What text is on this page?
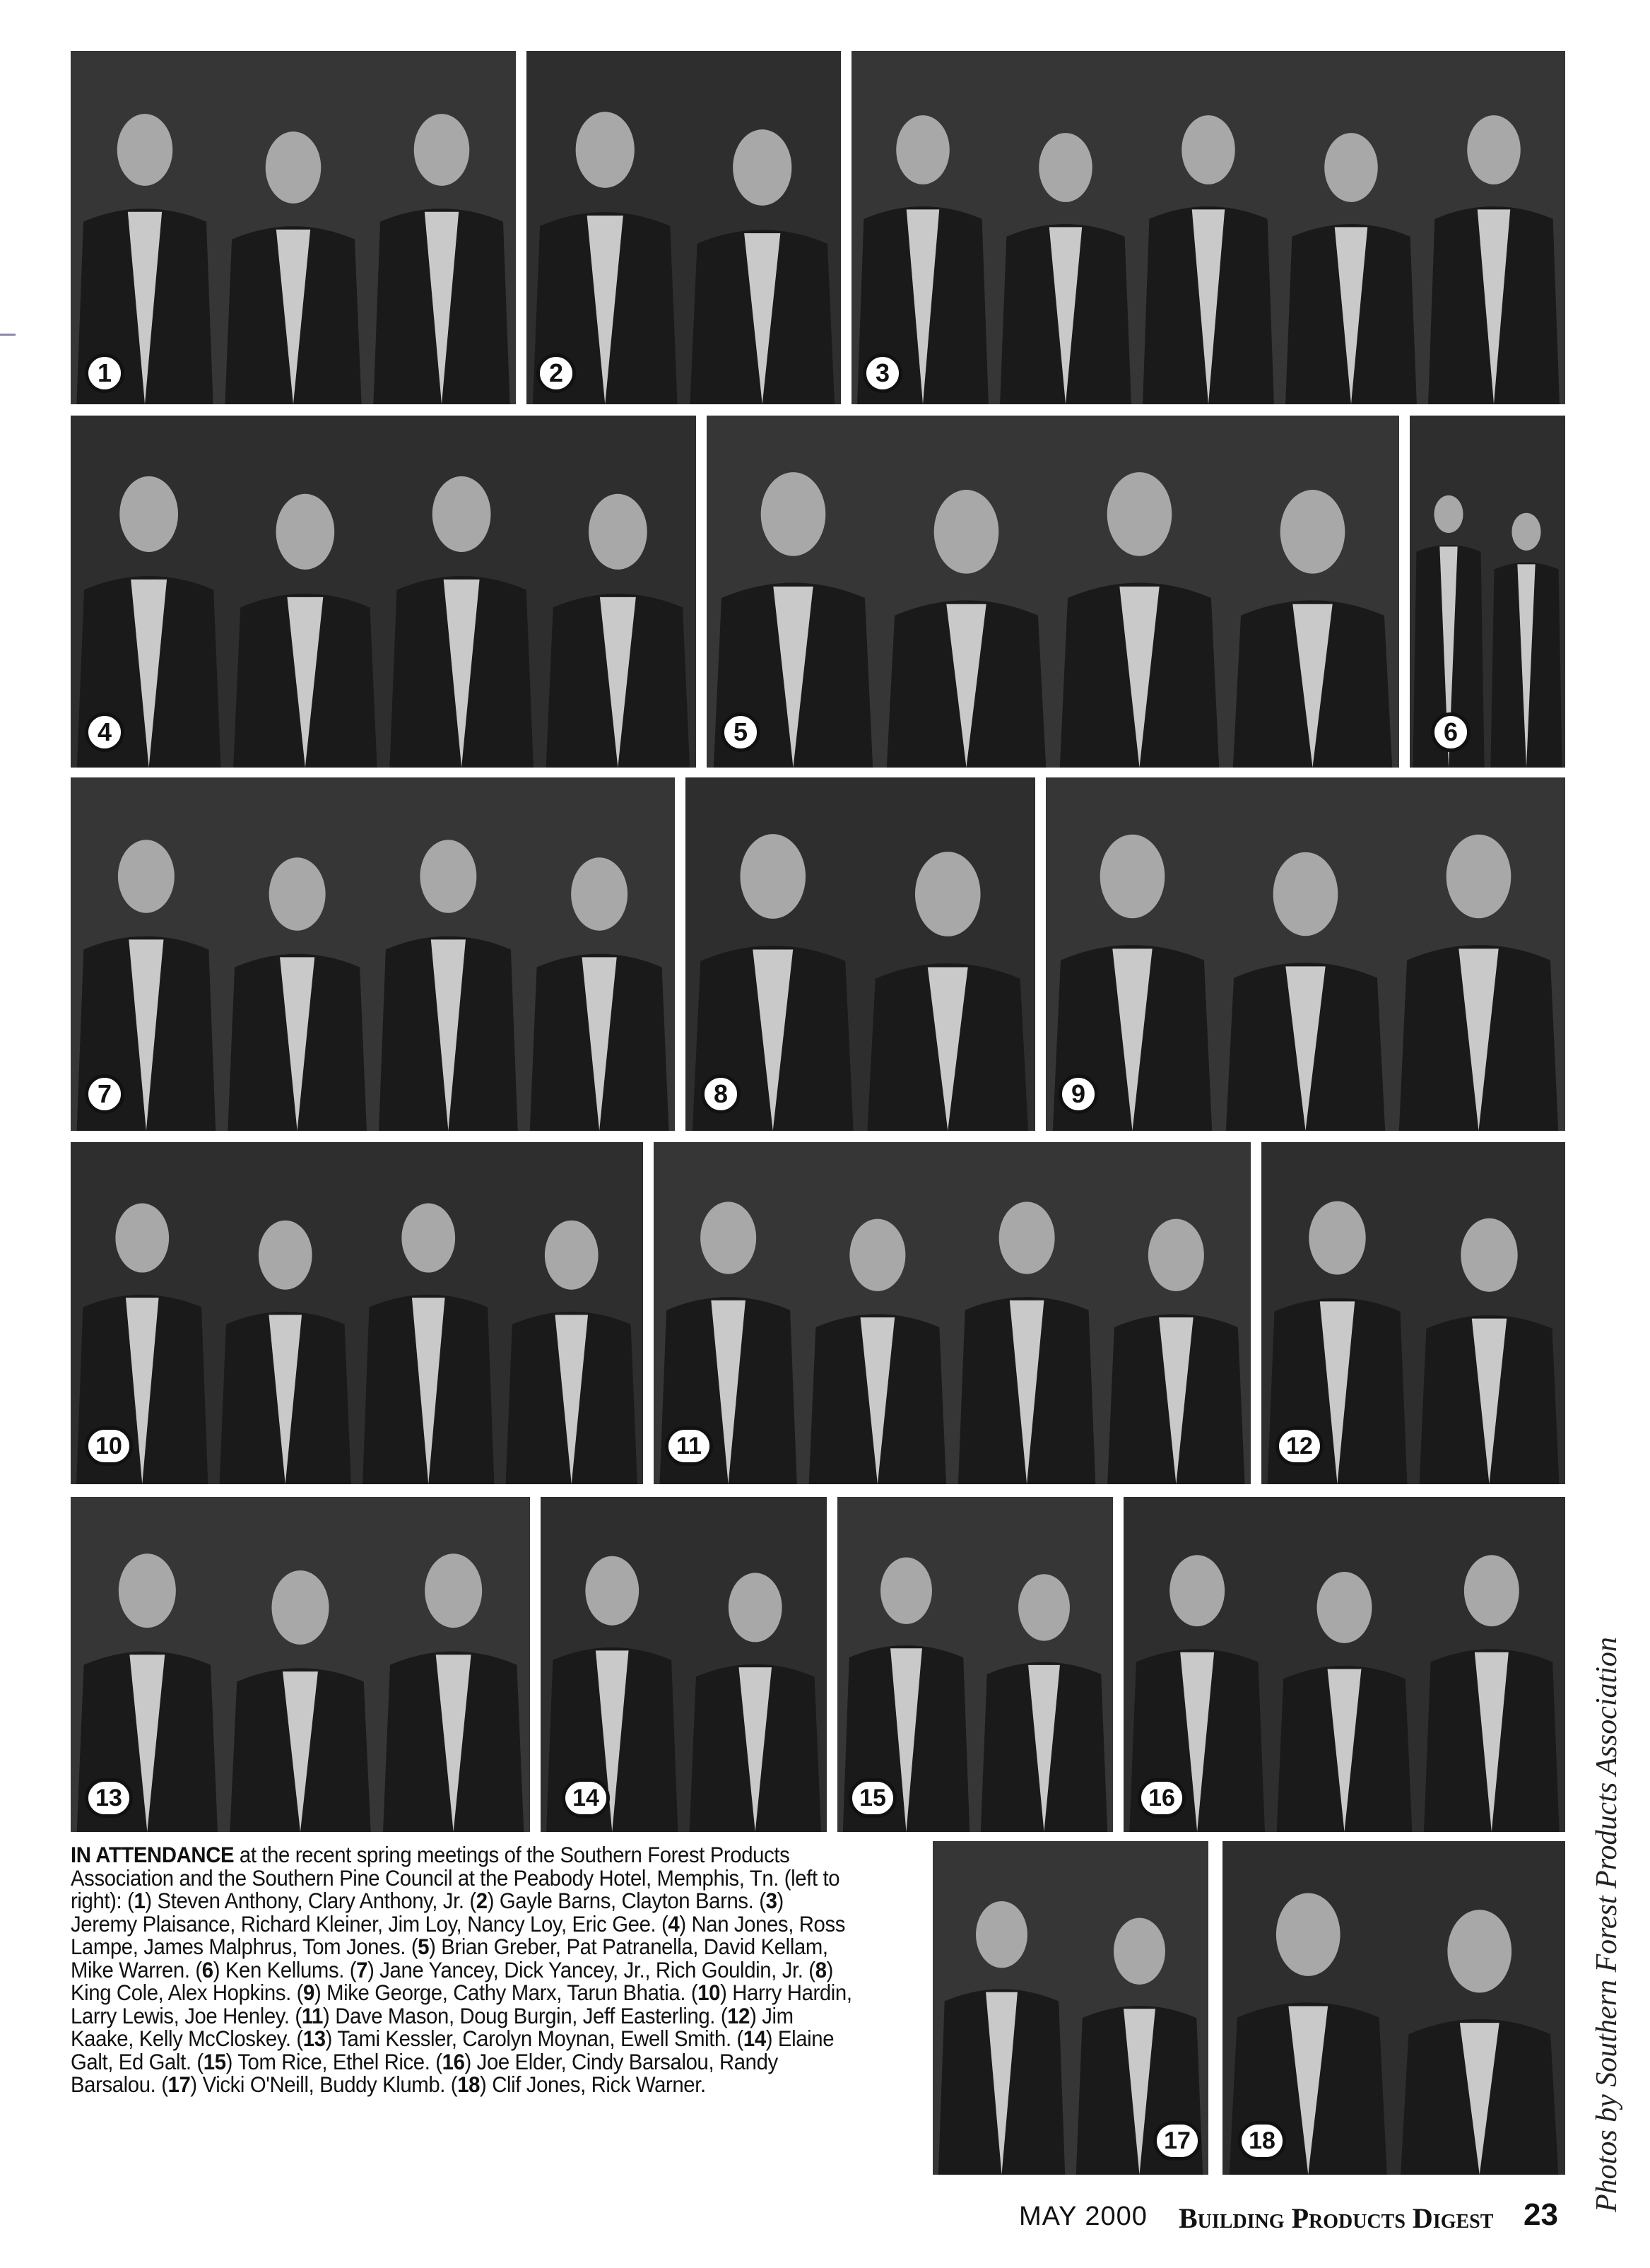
1	2	3
4	5	6
7	8	9
10	11	12
13	14	15	16
17	18
IN ATTENDANCE at the recent spring meetings of the Southern Forest Products Association and the Southern Pine Council at the Peabody Hotel, Memphis, Tn. (left to right): (1) Steven Anthony, Clary Anthony, Jr. (2) Gayle Barns, Clayton Barns. (3) Jeremy Plaisance, Richard Kleiner, Jim Loy, Nancy Loy, Eric Gee. (4) Nan Jones, Ross Lampe, James Malphrus, Tom Jones. (5) Brian Greber, Pat Patranella, David Kellam, Mike Warren. (6) Ken Kellums. (7) Jane Yancey, Dick Yancey, Jr., Rich Gouldin, Jr. (8) King Cole, Alex Hopkins. (9) Mike George, Cathy Marx, Tarun Bhatia. (10) Harry Hardin, Larry Lewis, Joe Henley. (11) Dave Mason, Doug Burgin, Jeff Easterling. (12) Jim Kaake, Kelly McCloskey. (13) Tami Kessler, Carolyn Moynan, Ewell Smith. (14) Elaine Galt, Ed Galt. (15) Tom Rice, Ethel Rice. (16) Joe Elder, Cindy Barsalou, Randy Barsalou. (17) Vicki O'Neill, Buddy Klumb. (18) Clif Jones, Rick Warner.	Photos by Southern Forest Products Association
MAY 2000 Building Products Digest 23
